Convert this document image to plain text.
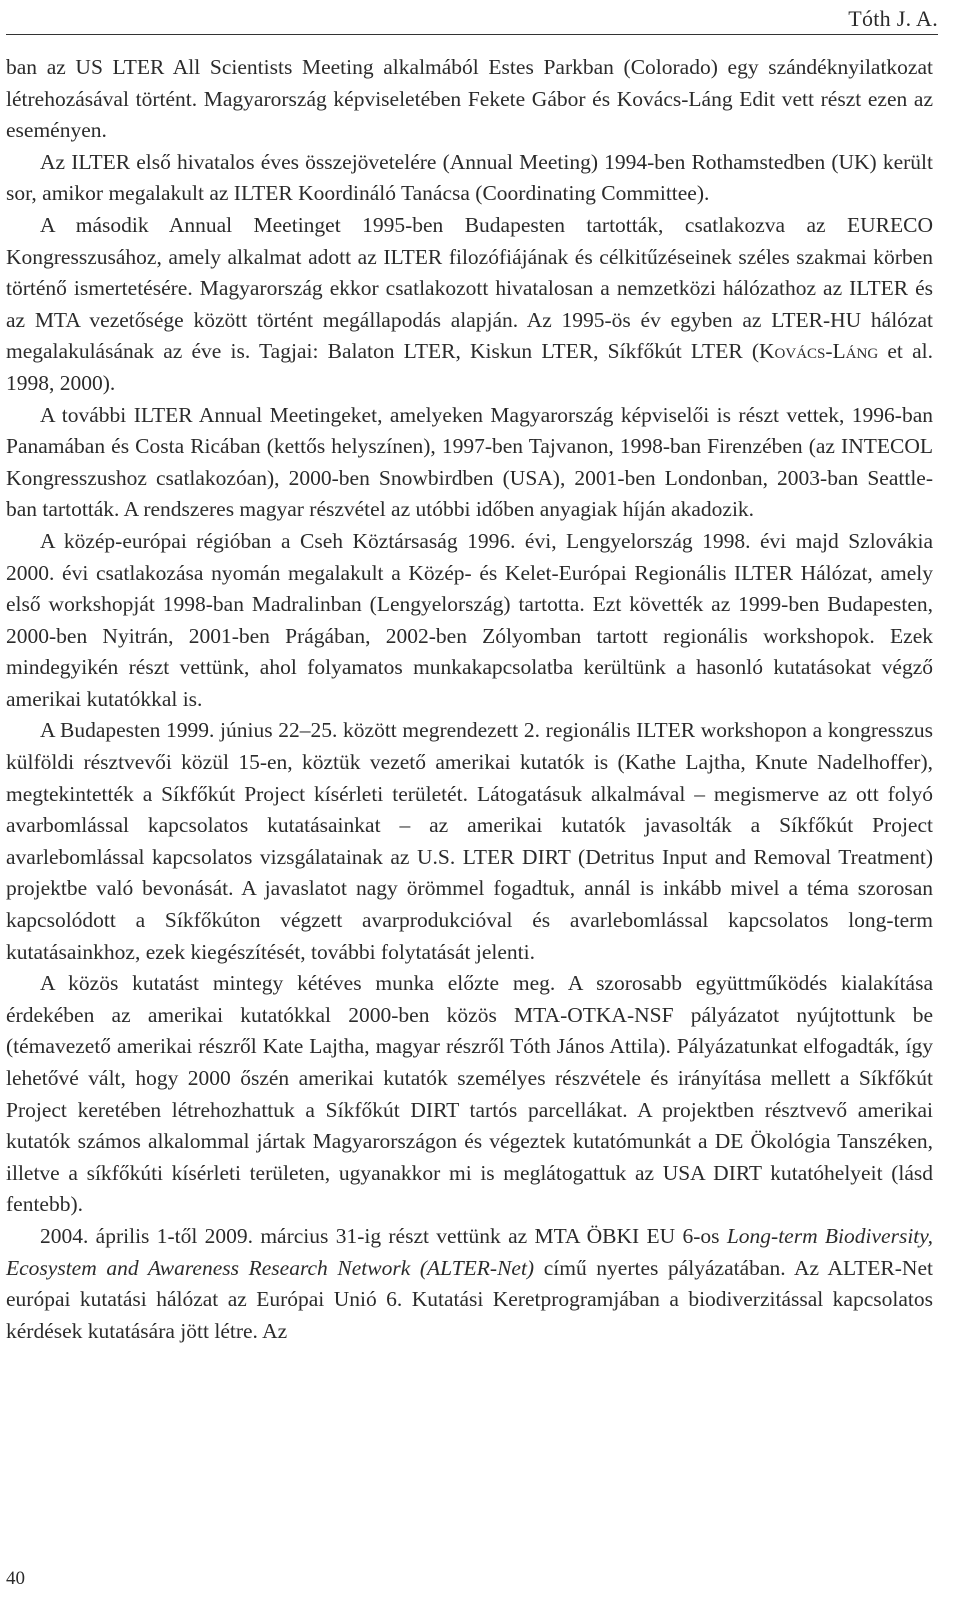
Tóth J. A.

ban az US LTER All Scientists Meeting alkalmából Estes Parkban (Colorado) egy szándéknyilatkozat létrehozásával történt. Magyarország képviseletében Fekete Gábor és Kovács-Láng Edit vett részt ezen az eseményen.

Az ILTER első hivatalos éves összejövetelére (Annual Meeting) 1994-ben Rothamstedben (UK) került sor, amikor megalakult az ILTER Koordináló Tanácsa (Coordinating Committee).

A második Annual Meetinget 1995-ben Budapesten tartották, csatlakozva az EURECO Kongresszusához, amely alkalmat adott az ILTER filozófiájának és célkitűzéseinek széles szakmai körben történő ismertetésére. Magyarország ekkor csatlakozott hivatalosan a nemzetközi hálózathoz az ILTER és az MTA vezetősége között történt megállapodás alapján. Az 1995-ös év egyben az LTER-HU hálózat megalakulásának az éve is. Tagjai: Balaton LTER, Kiskun LTER, Síkfőkút LTER (Kovács-Láng et al. 1998, 2000).

A további ILTER Annual Meetingeket, amelyeken Magyarország képviselői is részt vettek, 1996-ban Panamában és Costa Ricában (kettős helyszínen), 1997-ben Tajvanon, 1998-ban Firenzében (az INTECOL Kongresszushoz csatlakozóan), 2000-ben Snowbirdben (USA), 2001-ben Londonban, 2003-ban Seattle-ban tartották. A rendszeres magyar részvétel az utóbbi időben anyagiak híján akadozik.

A közép-európai régióban a Cseh Köztársaság 1996. évi, Lengyelország 1998. évi majd Szlovákia 2000. évi csatlakozása nyomán megalakult a Közép- és Kelet-Európai Regionális ILTER Hálózat, amely első workshopját 1998-ban Madralinban (Lengyelország) tartotta. Ezt követték az 1999-ben Budapesten, 2000-ben Nyitrán, 2001-ben Prágában, 2002-ben Zólyomban tartott regionális workshopok. Ezek mindegyikén részt vettünk, ahol folyamatos munkakapcsolatba kerültünk a hasonló kutatásokat végző amerikai kutatókkal is.

A Budapesten 1999. június 22–25. között megrendezett 2. regionális ILTER workshopon a kongresszus külföldi résztvevői közül 15-en, köztük vezető amerikai kutatók is (Kathe Lajtha, Knute Nadelhoffer), megtekintették a Síkfőkút Project kísérleti területét. Látogatásuk alkalmával – megismerve az ott folyó avarbomlással kapcsolatos kutatásainkat – az amerikai kutatók javasolták a Síkfőkút Project avarlebomlással kapcsolatos vizsgálatainak az U.S. LTER DIRT (Detritus Input and Removal Treatment) projektbe való bevonását. A javaslatot nagy örömmel fogadtuk, annál is inkább mivel a téma szorosan kapcsolódott a Síkfőkúton végzett avarprodukcióval és avarlebomlással kapcsolatos long-term kutatásainkhoz, ezek kiegészítését, további folytatását jelenti.

A közös kutatást mintegy kétéves munka előzte meg. A szorosabb együttműködés kialakítása érdekében az amerikai kutatókkal 2000-ben közös MTA-OTKA-NSF pályázatot nyújtottunk be (témavezető amerikai részről Kate Lajtha, magyar részről Tóth János Attila). Pályázatunkat elfogadták, így lehetővé vált, hogy 2000 őszén amerikai kutatók személyes részvétele és irányítása mellett a Síkfőkút Project keretében létrehozhattuk a Síkfőkút DIRT tartós parcellákat. A projektben résztvevő amerikai kutatók számos alkalommal jártak Magyarországon és végeztek kutatómunkát a DE Ökológia Tanszéken, illetve a síkfőkúti kísérleti területen, ugyanakkor mi is meglátogattuk az USA DIRT kutatóhelyeit (lásd fentebb).

2004. április 1-től 2009. március 31-ig részt vettünk az MTA ÖBKI EU 6-os Long-term Biodiversity, Ecosystem and Awareness Research Network (ALTER-Net) című nyertes pályázatában. Az ALTER-Net európai kutatási hálózat az Európai Unió 6. Kutatási Keretprogramjában a biodiverzitással kapcsolatos kérdések kutatására jött létre. Az

40
